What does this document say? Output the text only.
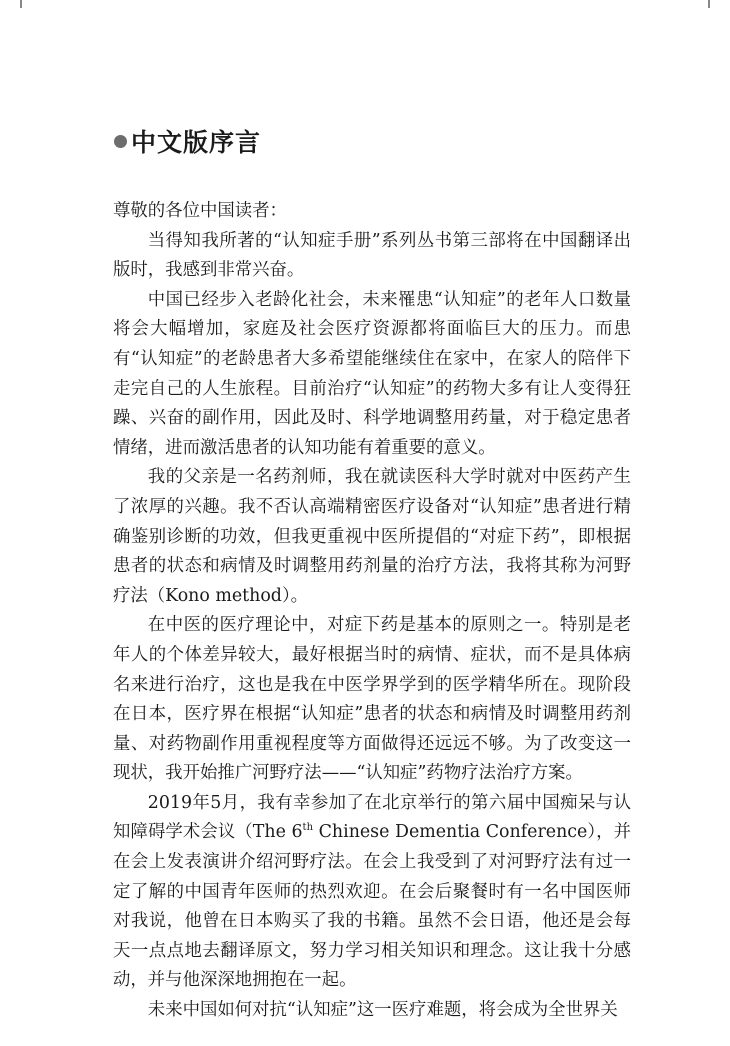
中文版序言

尊敬的各位中国读者：

当得知我所著的“认知症手册”系列丛书第三部将在中国翻译出版时，我感到非常兴奋。

中国已经步入老龄化社会，未来罹患“认知症”的老年人口数量将会大幅增加，家庭及社会医疗资源都将面临巨大的压力。而患有“认知症”的老龄患者大多希望能继续住在家中，在家人的陪伴下走完自己的人生旅程。目前治疗“认知症”的药物大多有让人变得狂躁、兴奋的副作用，因此及时、科学地调整用药量，对于稳定患者情绪，进而激活患者的认知功能有着重要的意义。

我的父亲是一名药剂师，我在就读医科大学时就对中医药产生了浓厚的兴趣。我不否认高端精密医疗设备对“认知症”患者进行精确鉴别诊断的功效，但我更重视中医所提倡的“对症下药”，即根据患者的状态和病情及时调整用药剂量的治疗方法，我将其称为河野疗法（Kono method）。

在中医的医疗理论中，对症下药是基本的原则之一。特别是老年人的个体差异较大，最好根据当时的病情、症状，而不是具体病名来进行治疗，这也是我在中医学界学到的医学精华所在。现阶段在日本，医疗界在根据“认知症”患者的状态和病情及时调整用药剂量、对药物副作用重视程度等方面做得还远远不够。为了改变这一现状，我开始推广河野疗法——“认知症”药物疗法治疗方案。

2019年5月，我有幸参加了在北京举行的第六届中国痴呆与认知障碍学术会议（The 6th Chinese Dementia Conference），并在会上发表演讲介绍河野疗法。在会上我受到了对河野疗法有过一定了解的中国青年医师的热烈欢迎。在会后聚餐时有一名中国医师对我说，他曾在日本购买了我的书籍。虽然不会日语，他还是会每天一点点地去翻译原文，努力学习相关知识和理念。这让我十分感动，并与他深深地拥抱在一起。

未来中国如何对抗“认知症”这一医疗难题，将会成为全世界关
